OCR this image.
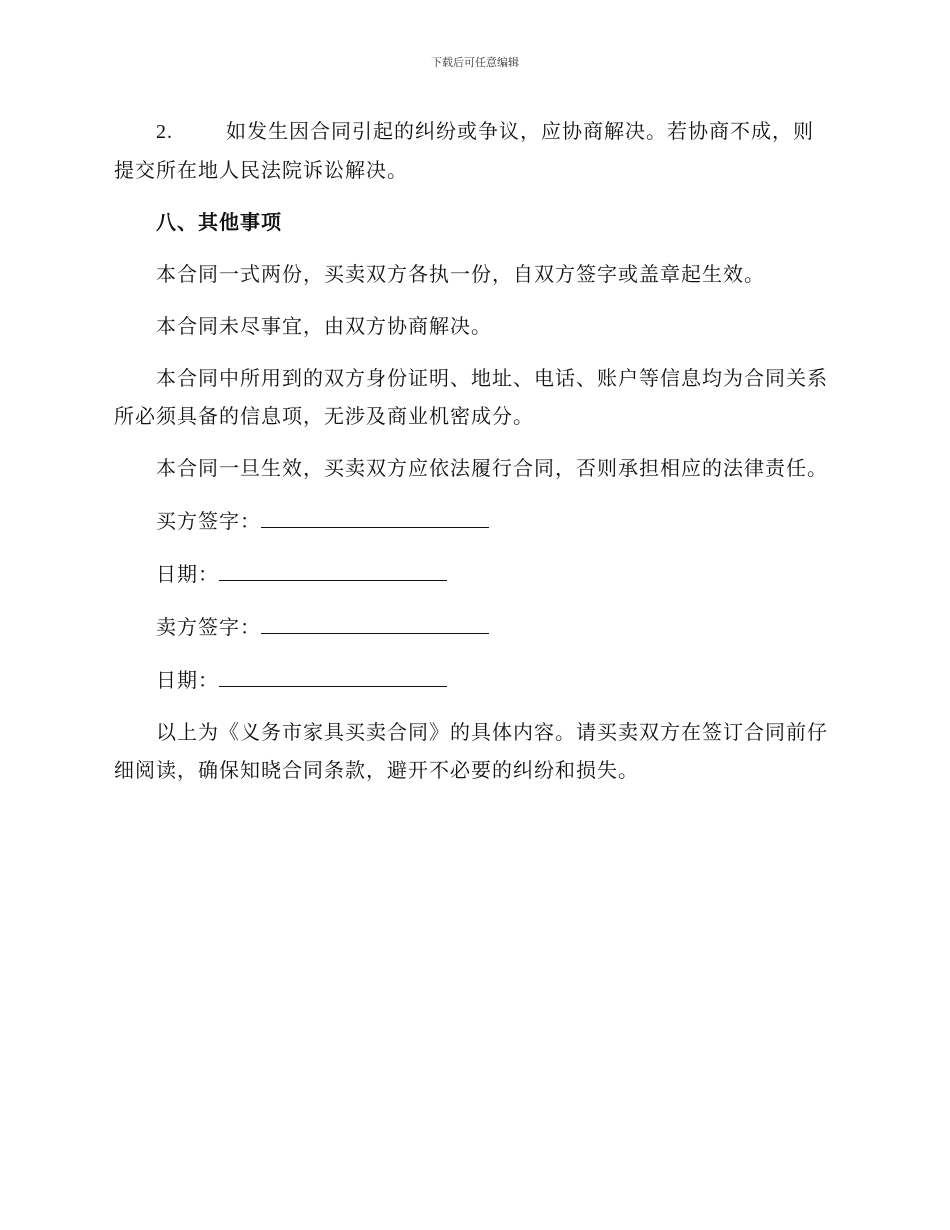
下载后可任意编辑

2.	如发生因合同引起的纠纷或争议，应协商解决。若协商不成，则提交所在地人民法院诉讼解决。

八、其他事项

本合同一式两份，买卖双方各执一份，自双方签字或盖章起生效。

本合同未尽事宜，由双方协商解决。

本合同中所用到的双方身份证明、地址、电话、账户等信息均为合同关系所必须具备的信息项，无涉及商业机密成分。

本合同一旦生效，买卖双方应依法履行合同，否则承担相应的法律责任。

买方签字：
日期：
卖方签字：
日期：

以上为《义务市家具买卖合同》的具体内容。请买卖双方在签订合同前仔细阅读，确保知晓合同条款，避开不必要的纠纷和损失。
